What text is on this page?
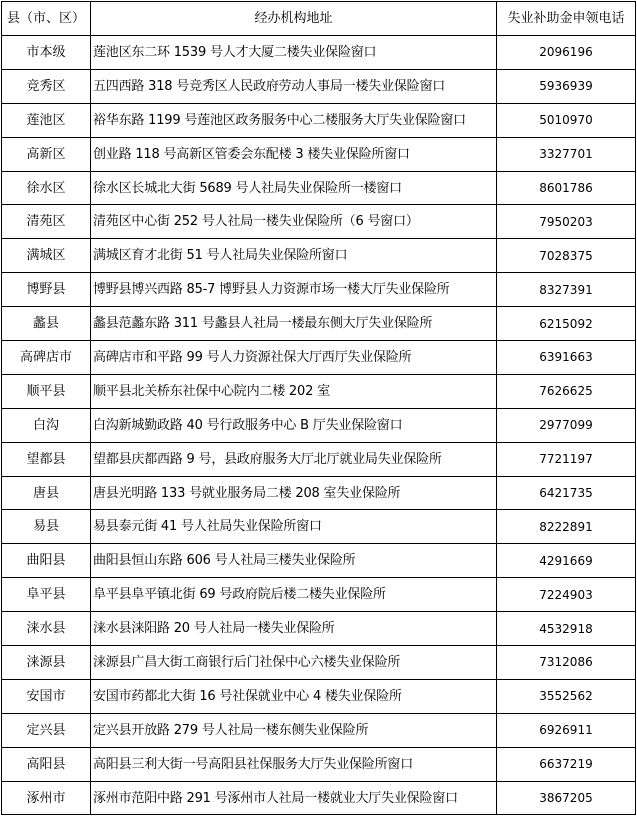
县（市、区）	经办机构地址	失业补助金申领电话
市本级	莲池区东二环 1539 号人才大厦二楼失业保险窗口	2096196
竞秀区	五四西路 318 号竞秀区人民政府劳动人事局一楼失业保险窗口	5936939
莲池区	裕华东路 1199 号莲池区政务服务中心二楼服务大厅失业保险窗口	5010970
高新区	创业路 118 号高新区管委会东配楼 3 楼失业保险所窗口	3327701
徐水区	徐水区长城北大街 5689 号人社局失业保险所一楼窗口	8601786
清苑区	清苑区中心街 252 号人社局一楼失业保险所（6 号窗口）	7950203
满城区	满城区育才北街 51 号人社局失业保险所窗口	7028375
博野县	博野县博兴西路 85-7 博野县人力资源市场一楼大厅失业保险所	8327391
蠡县	蠡县范蠡东路 311 号蠡县人社局一楼最东侧大厅失业保险所	6215092
高碑店市	高碑店市和平路 99 号人力资源社保大厅西厅失业保险所	6391663
顺平县	顺平县北关桥东社保中心院内二楼 202 室	7626625
白沟	白沟新城勤政路 40 号行政服务中心 B 厅失业保险窗口	2977099
望都县	望都县庆都西路 9 号，县政府服务大厅北厅就业局失业保险所	7721197
唐县	唐县光明路 133 号就业服务局二楼 208 室失业保险所	6421735
易县	易县泰元街 41 号人社局失业保险所窗口	8222891
曲阳县	曲阳县恒山东路 606 号人社局三楼失业保险所	4291669
阜平县	阜平县阜平镇北街 69 号政府院后楼二楼失业保险所	7224903
涞水县	涞水县涞阳路 20 号人社局一楼失业保险所	4532918
涞源县	涞源县广昌大街工商银行后门社保中心六楼失业保险所	7312086
安国市	安国市药都北大街 16 号社保就业中心 4 楼失业保险所	3552562
定兴县	定兴县开放路 279 号人社局一楼东侧失业保险所	6926911
高阳县	高阳县三利大街一号高阳县社保服务大厅失业保险所窗口	6637219
涿州市	涿州市范阳中路 291 号涿州市人社局一楼就业大厅失业保险窗口	3867205
